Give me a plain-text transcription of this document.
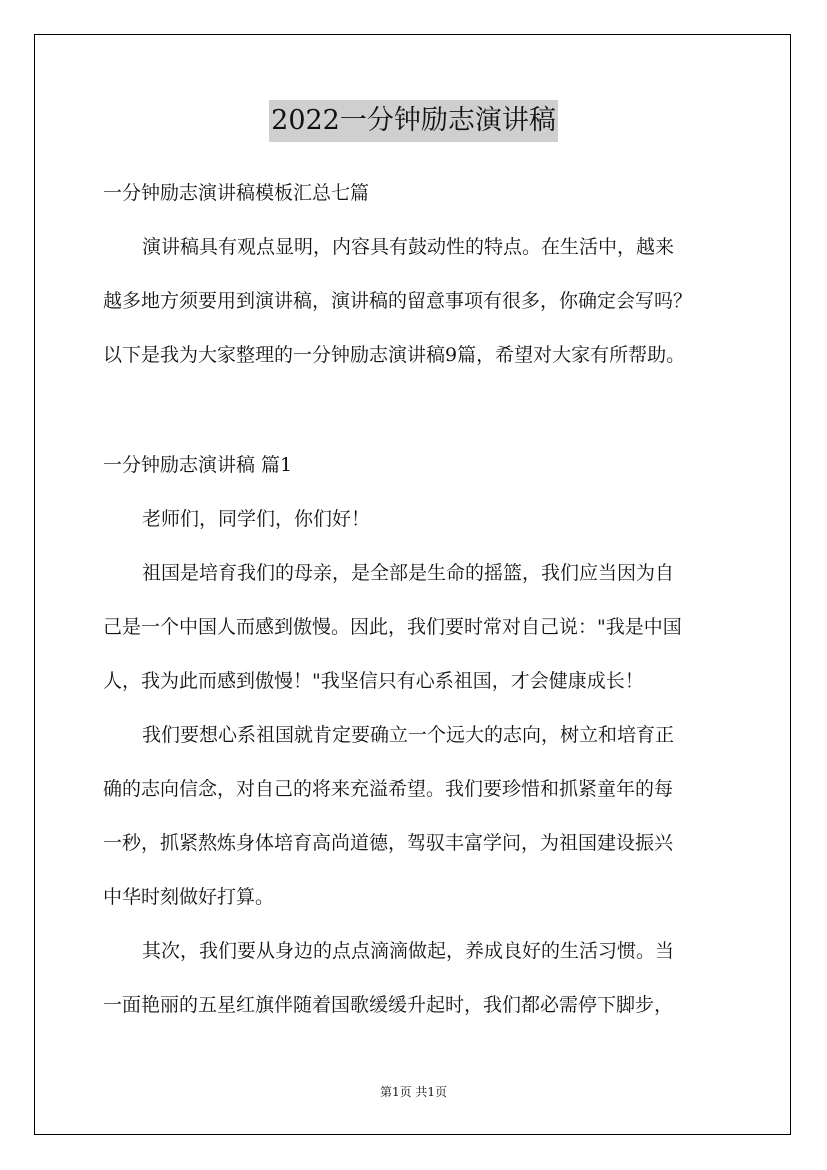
2022一分钟励志演讲稿
一分钟励志演讲稿模板汇总七篇
演讲稿具有观点显明，内容具有鼓动性的特点。在生活中，越来
越多地方须要用到演讲稿，演讲稿的留意事项有很多，你确定会写吗？
以下是我为大家整理的一分钟励志演讲稿9篇，希望对大家有所帮助。
一分钟励志演讲稿 篇1
老师们，同学们，你们好！
祖国是培育我们的母亲，是全部是生命的摇篮，我们应当因为自
己是一个中国人而感到傲慢。因此，我们要时常对自己说："我是中国
人，我为此而感到傲慢！"我坚信只有心系祖国，才会健康成长！
我们要想心系祖国就肯定要确立一个远大的志向，树立和培育正
确的志向信念，对自己的将来充溢希望。我们要珍惜和抓紧童年的每
一秒，抓紧熬炼身体培育高尚道德，驾驭丰富学问，为祖国建设振兴
中华时刻做好打算。
其次，我们要从身边的点点滴滴做起，养成良好的生活习惯。当
一面艳丽的五星红旗伴随着国歌缓缓升起时，我们都必需停下脚步，
第1页 共1页
